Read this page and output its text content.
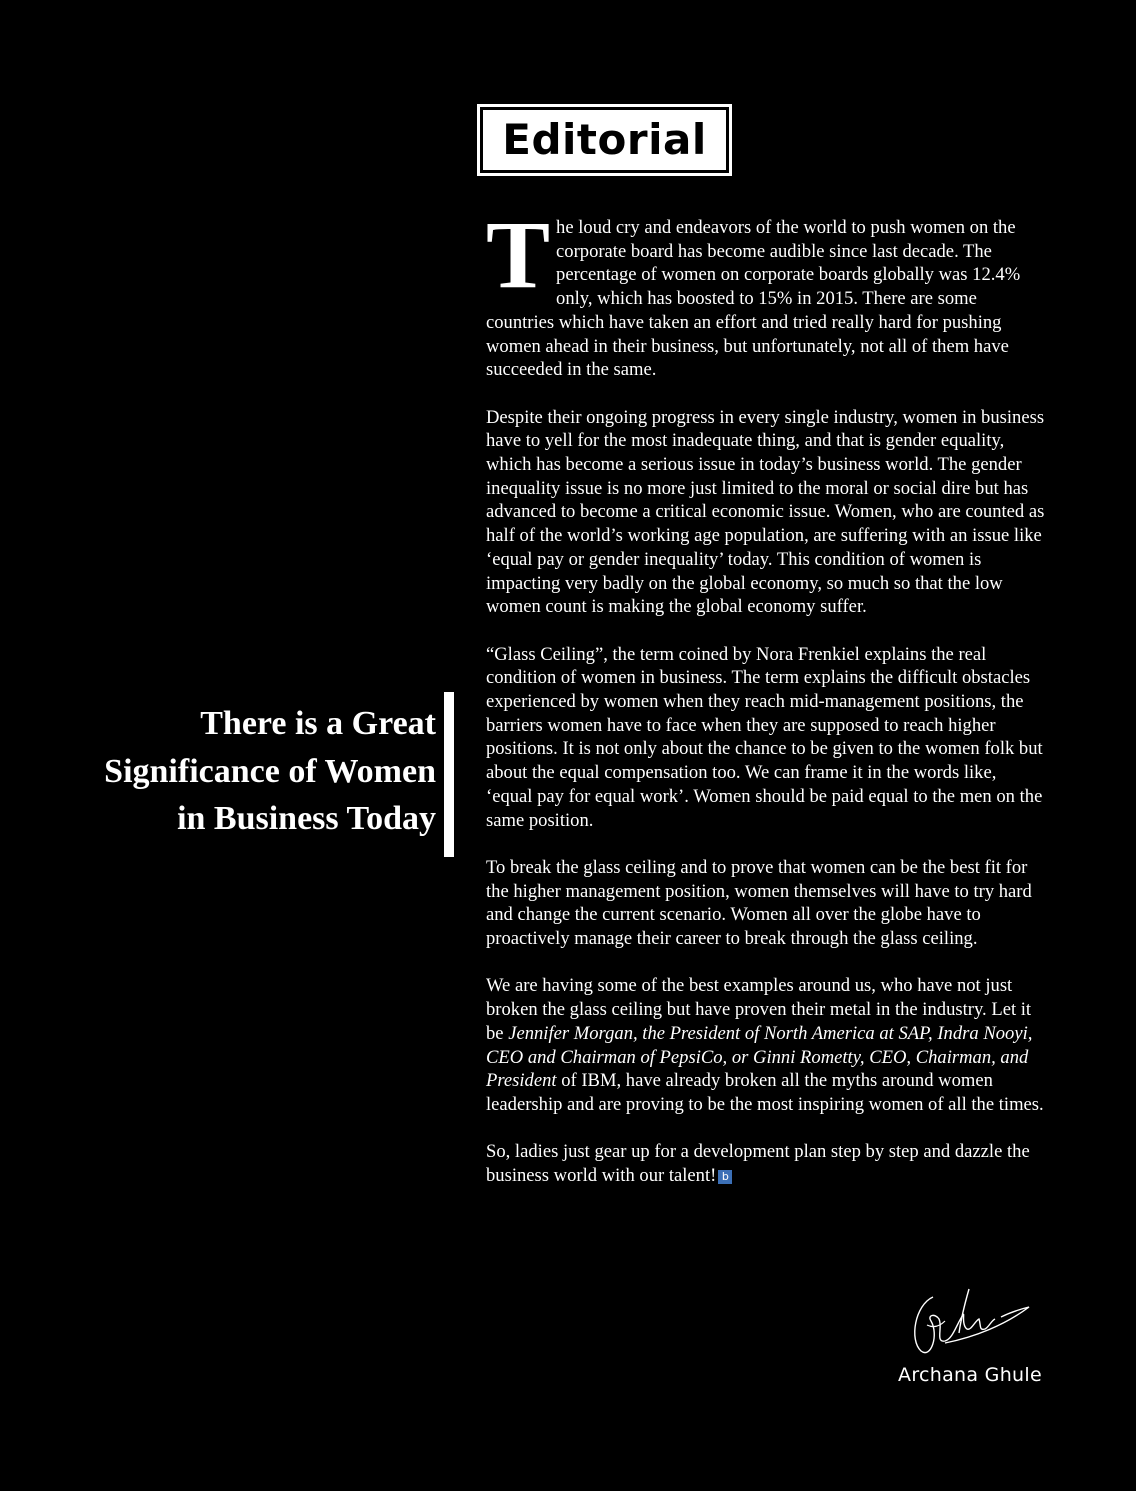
Editorial
There is a Great
Significance of Women
in Business Today

The loud cry and endeavors of the world to push women on the corporate board has become audible since last decade. The percentage of women on corporate boards globally was 12.4% only, which has boosted to 15% in 2015. There are some countries which have taken an effort and tried really hard for pushing women ahead in their business, but unfortunately, not all of them have succeeded in the same.

Despite their ongoing progress in every single industry, women in business have to yell for the most inadequate thing, and that is gender equality, which has become a serious issue in today’s business world. The gender inequality issue is no more just limited to the moral or social dire but has advanced to become a critical economic issue. Women, who are counted as half of the world’s working age population, are suffering with an issue like ‘equal pay or gender inequality’ today. This condition of women is impacting very badly on the global economy, so much so that the low women count is making the global economy suffer.

“Glass Ceiling”, the term coined by Nora Frenkiel explains the real condition of women in business. The term explains the difficult obstacles experienced by women when they reach mid-management positions, the barriers women have to face when they are supposed to reach higher positions. It is not only about the chance to be given to the women folk but about the equal compensation too. We can frame it in the words like, ‘equal pay for equal work’. Women should be paid equal to the men on the same position.

To break the glass ceiling and to prove that women can be the best fit for the higher management position, women themselves will have to try hard and change the current scenario. Women all over the globe have to proactively manage their career to break through the glass ceiling.

We are having some of the best examples around us, who have not just broken the glass ceiling but have proven their metal in the industry. Let it be Jennifer Morgan, the President of North America at SAP, Indra Nooyi, CEO and Chairman of PepsiCo, or Ginni Rometty, CEO, Chairman, and President of IBM, have already broken all the myths around women leadership and are proving to be the most inspiring women of all the times.

So, ladies just gear up for a development plan step by step and dazzle the business world with our talent! b

Archana Ghule
